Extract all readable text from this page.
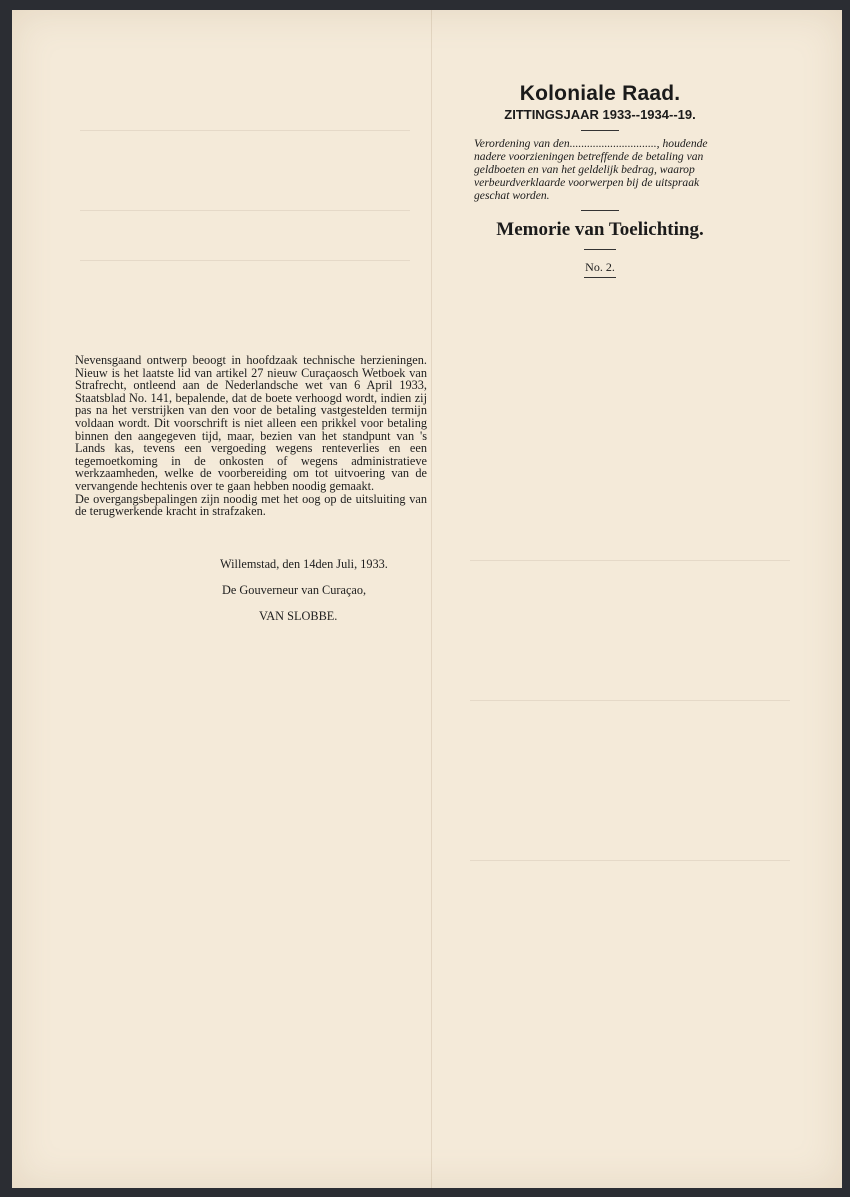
Koloniale Raad.
ZITTINGSJAAR 1933--1934--19.
Verordening van den.............................., houdende nadere voorzieningen betreffende de betaling van geldboeten en van het geldelijk bedrag, waarop verbeurdverklaarde voorwerpen bij de uitspraak geschat worden.
Memorie van Toelichting.
No. 2.

Nevensgaand ontwerp beoogt in hoofdzaak technische herzieningen. Nieuw is het laatste lid van artikel 27 nieuw Curaçaosch Wetboek van Strafrecht, ontleend aan de Nederlandsche wet van 6 April 1933, Staatsblad No. 141, bepalende, dat de boete verhoogd wordt, indien zij pas na het verstrijken van den voor de betaling vastgestelden termijn voldaan wordt. Dit voorschrift is niet alleen een prikkel voor betaling binnen den aangegeven tijd, maar, bezien van het standpunt van 's Lands kas, tevens een vergoeding wegens renteverlies en een tegemoetkoming in de onkosten of wegens administratieve werkzaamheden, welke de voorbereiding om tot uitvoering van de vervangende hechtenis over te gaan hebben noodig gemaakt.

De overgangsbepalingen zijn noodig met het oog op de uitsluiting van de terugwerkende kracht in strafzaken.

Willemstad, den 14den Juli, 1933.
De Gouverneur van Curaçao,
VAN SLOBBE.
